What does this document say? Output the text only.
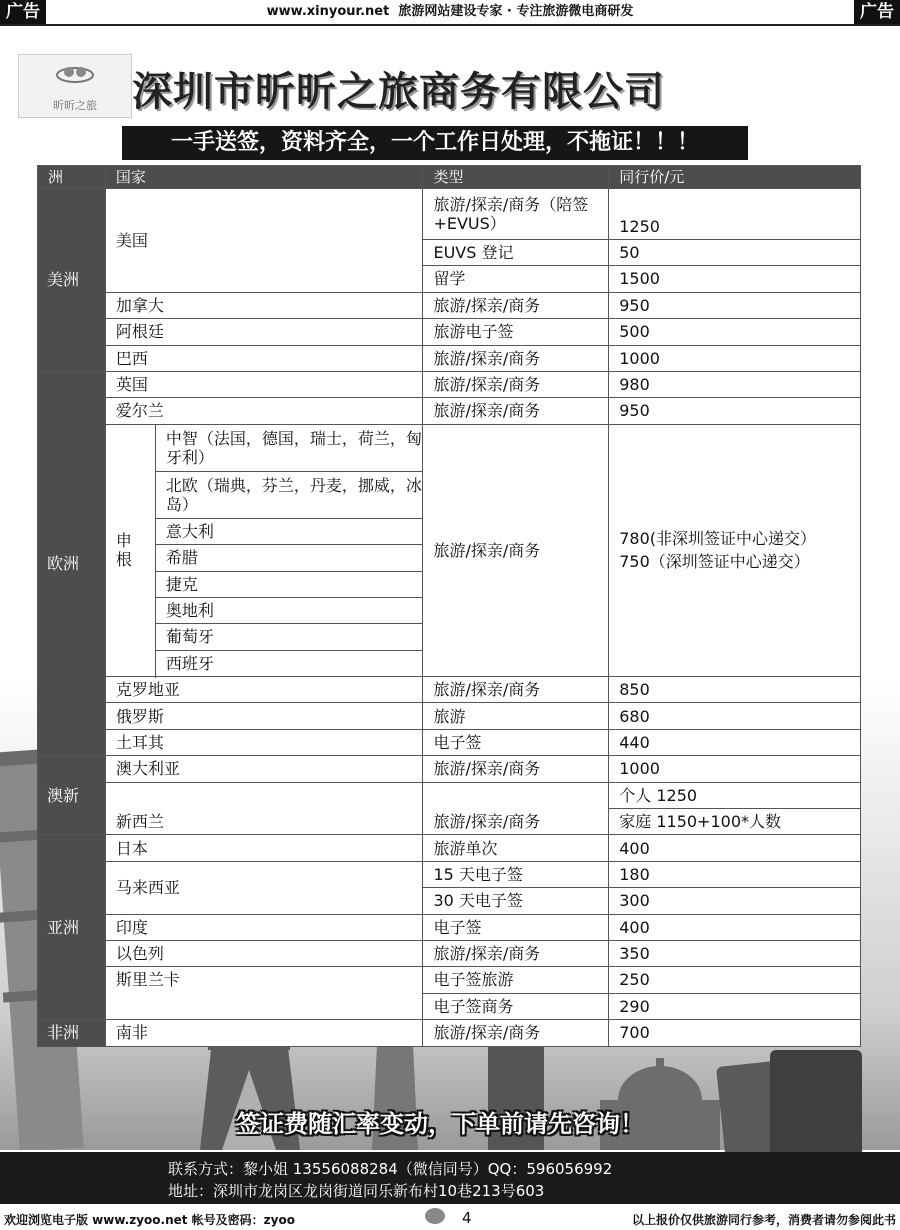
广告	www.xinyour.net 旅游网站建设专家 · 专注旅游微电商研发	广告
昕昕之旅 深圳市昕昕之旅商务有限公司
一手送签，资料齐全，一个工作日处理，不拖证！！！
洲	国家		类型	同行价/元
美洲	美国		旅游/探亲/商务（陪签+EVUS）	1250

			EUVS 登记	50
			留学	1500
	加拿大		旅游/探亲/商务	950
	阿根廷		旅游电子签	500
	巴西		旅游/探亲/商务	1000
欧洲	英国		旅游/探亲/商务	980
	爱尔兰		旅游/探亲/商务	950
	申根	中智（法国，德国，瑞士，荷兰，匈牙利）	旅游/探亲/商务	780(非深圳签证中心递交）
750（深圳签证中心递交）

		北欧（瑞典，芬兰，丹麦，挪威，冰岛）		
		意大利		
		希腊		
		捷克		
		奥地利		
		葡萄牙		
		西班牙		

	克罗地亚		旅游/探亲/商务	850
	俄罗斯		旅游	680
	土耳其		电子签	440
澳新	澳大利亚		旅游/探亲/商务	1000
	新西兰		旅游/探亲/商务	个人 1250
				家庭 1150+100*人数
亚洲	日本		旅游单次	400
	马来西亚		15 天电子签	180
			30 天电子签	300
	印度		电子签	400
	以色列		旅游/探亲/商务	350
	斯里兰卡		电子签旅游	250
			电子签商务	290
非洲	南非		旅游/探亲/商务	700
签证费随汇率变动，下单前请先咨询！
联系方式：黎小姐 13556088284（微信同号）QQ：596056992
地址：深圳市龙岗区龙岗街道同乐新布村10巷213号603
欢迎浏览电子版 www.zyoo.net 帐号及密码：zyoo	4	以上报价仅供旅游同行参考，消费者请勿参阅此书
